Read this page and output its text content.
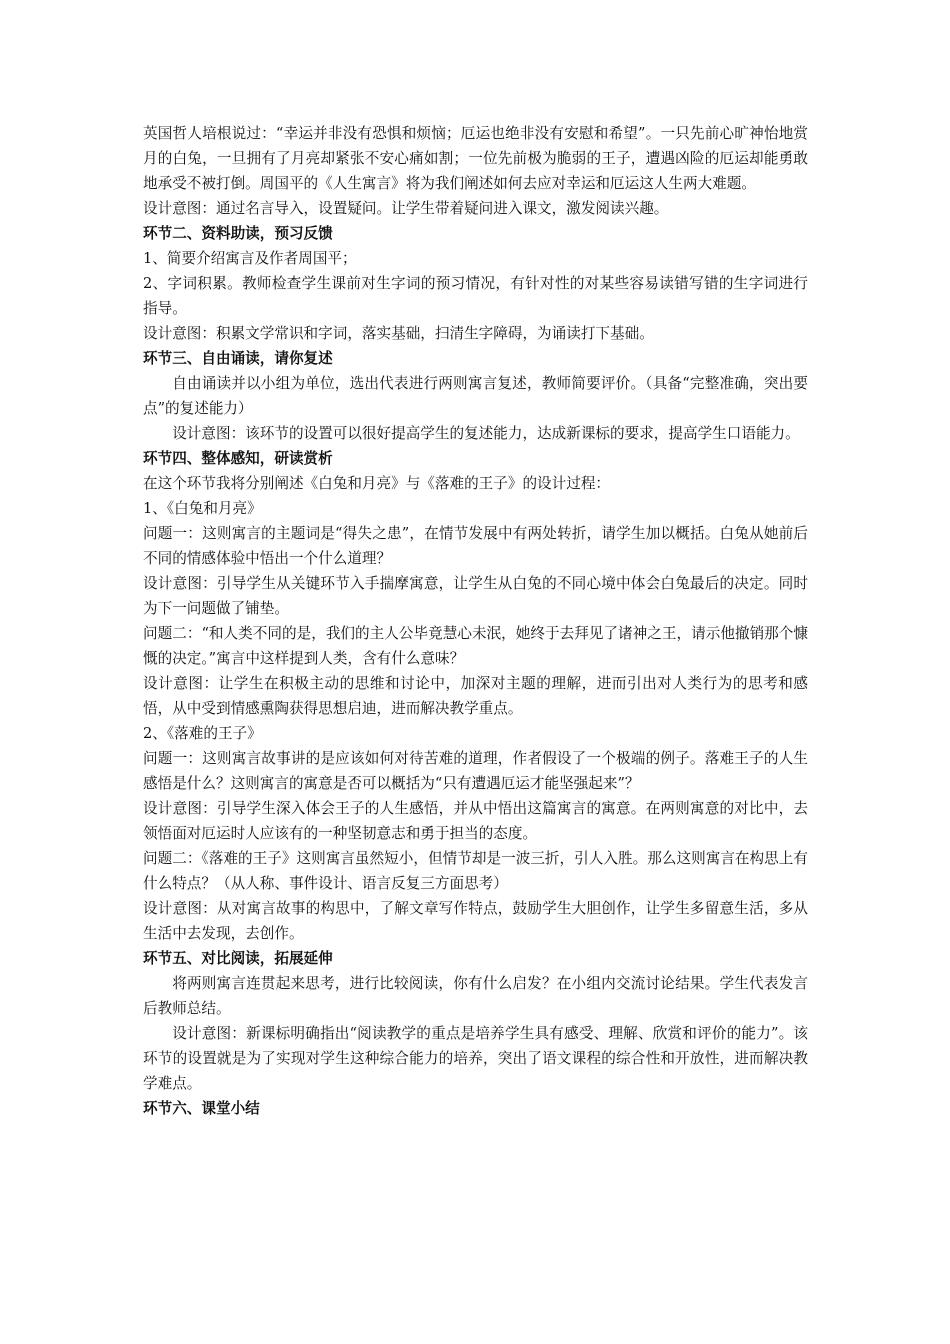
英国哲人培根说过：“幸运并非没有恐惧和烦恼；厄运也绝非没有安慰和希望”。一只先前心旷神怡地赏月的白兔，一旦拥有了月亮却紧张不安心痛如割；一位先前极为脆弱的王子，遭遇凶险的厄运却能勇敢地承受不被打倒。周国平的《人生寓言》将为我们阐述如何去应对幸运和厄运这人生两大难题。

设计意图：通过名言导入，设置疑问。让学生带着疑问进入课文，激发阅读兴趣。

环节二、资料助读，预习反馈

1、简要介绍寓言及作者周国平；

2、字词积累。教师检查学生课前对生字词的预习情况，有针对性的对某些容易读错写错的生字词进行指导。

设计意图：积累文学常识和字词，落实基础，扫清生字障碍，为诵读打下基础。

环节三、自由诵读，请你复述

自由诵读并以小组为单位，选出代表进行两则寓言复述，教师简要评价。（具备“完整准确，突出要点”的复述能力）

设计意图：该环节的设置可以很好提高学生的复述能力，达成新课标的要求，提高学生口语能力。

环节四、整体感知，研读赏析

在这个环节我将分别阐述《白兔和月亮》与《落难的王子》的设计过程：

1、《白兔和月亮》

问题一：这则寓言的主题词是“得失之患”，在情节发展中有两处转折，请学生加以概括。白兔从她前后不同的情感体验中悟出一个什么道理？

设计意图：引导学生从关键环节入手揣摩寓意，让学生从白兔的不同心境中体会白兔最后的决定。同时为下一问题做了铺垫。

问题二：“和人类不同的是，我们的主人公毕竟慧心未泯，她终于去拜见了诸神之王，请示他撤销那个慷慨的决定。”寓言中这样提到人类，含有什么意味？

设计意图：让学生在积极主动的思维和讨论中，加深对主题的理解，进而引出对人类行为的思考和感悟，从中受到情感熏陶获得思想启迪，进而解决教学重点。

2、《落难的王子》

问题一：这则寓言故事讲的是应该如何对待苦难的道理，作者假设了一个极端的例子。落难王子的人生感悟是什么？这则寓言的寓意是否可以概括为“只有遭遇厄运才能坚强起来”？

设计意图：引导学生深入体会王子的人生感悟，并从中悟出这篇寓言的寓意。在两则寓意的对比中，去领悟面对厄运时人应该有的一种坚韧意志和勇于担当的态度。

问题二：《落难的王子》这则寓言虽然短小，但情节却是一波三折，引人入胜。那么这则寓言在构思上有什么特点？（从人称、事件设计、语言反复三方面思考）

设计意图：从对寓言故事的构思中，了解文章写作特点，鼓励学生大胆创作，让学生多留意生活，多从生活中去发现，去创作。

环节五、对比阅读，拓展延伸

将两则寓言连贯起来思考，进行比较阅读，你有什么启发？在小组内交流讨论结果。学生代表发言后教师总结。

设计意图：新课标明确指出“阅读教学的重点是培养学生具有感受、理解、欣赏和评价的能力”。该环节的设置就是为了实现对学生这种综合能力的培养，突出了语文课程的综合性和开放性，进而解决教学难点。

环节六、课堂小结
